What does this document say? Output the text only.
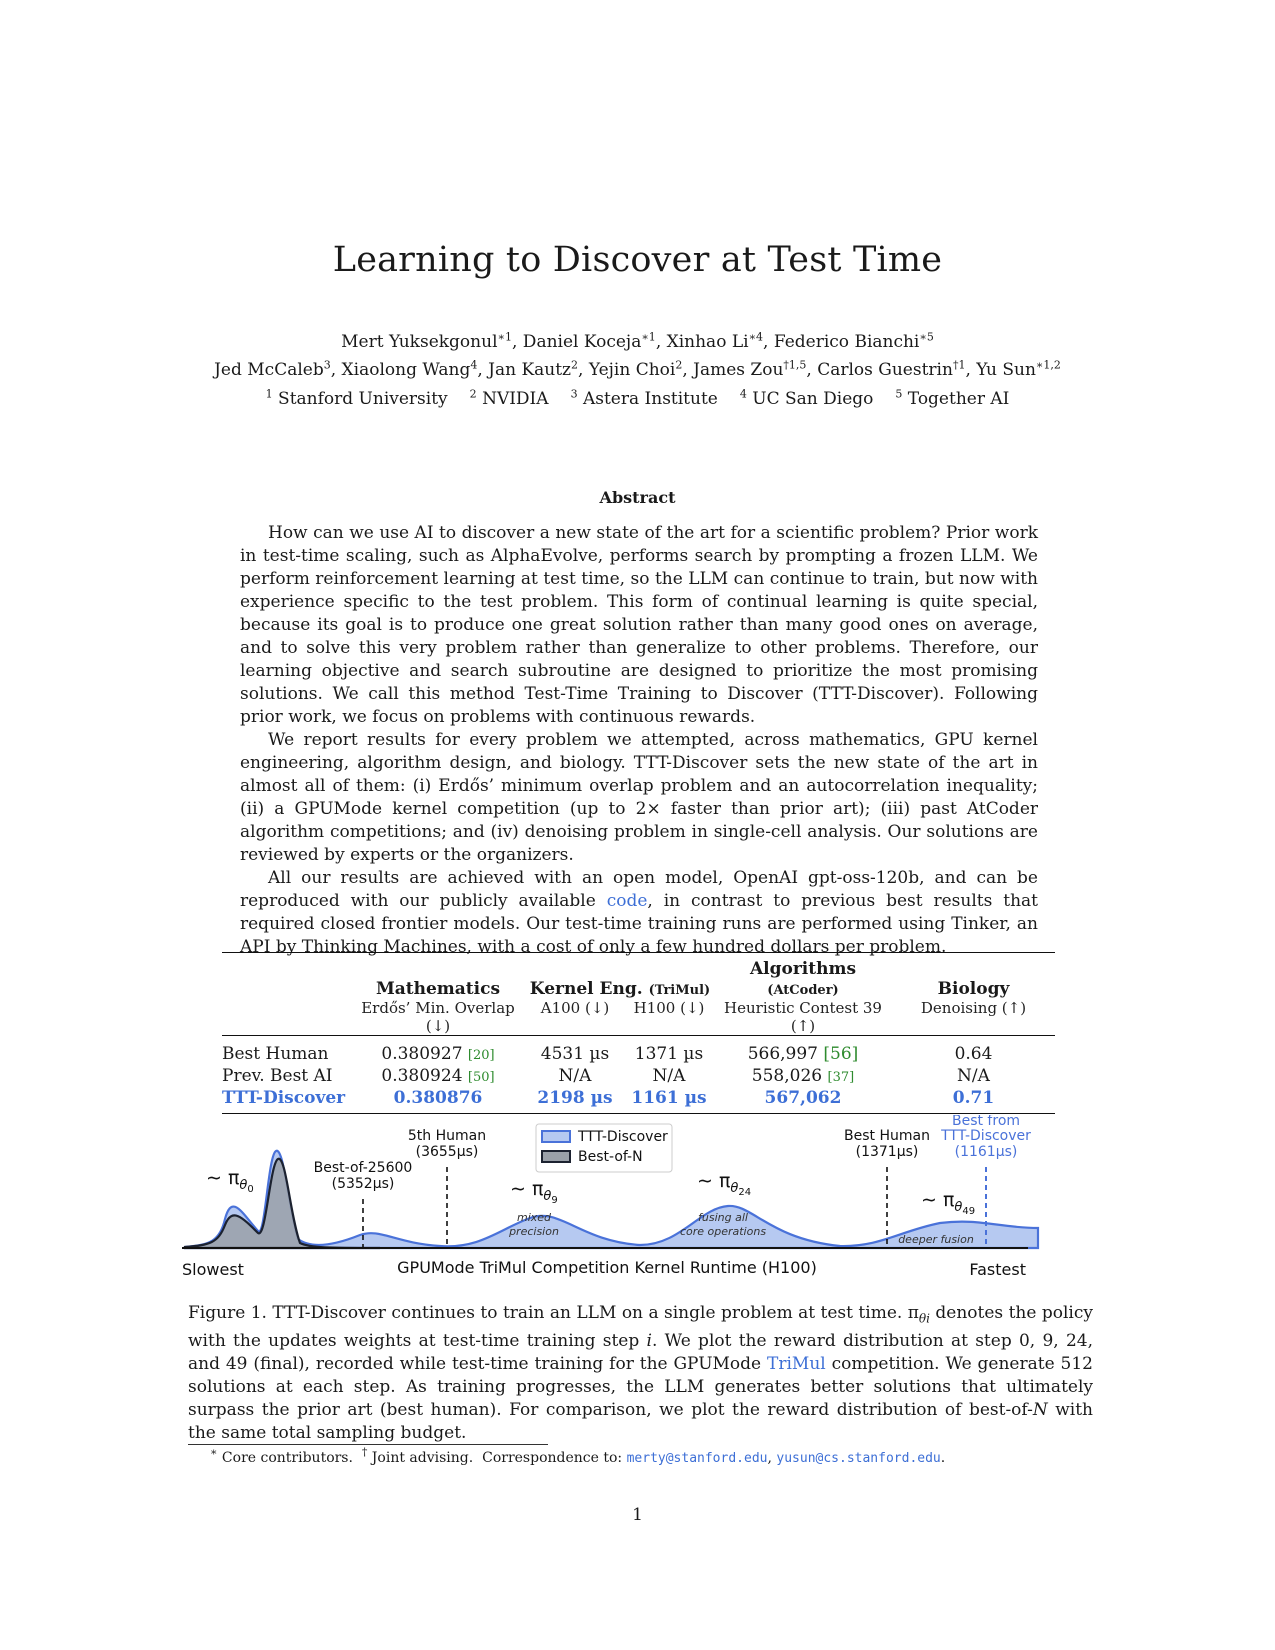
Learning to Discover at Test Time
Mert Yuksekgonul$^{∗1}$, Daniel Koceja$^{∗1}$, Xinhao $Li^{∗4}$, Federico Bianchi$^{∗5}$
Jed McCaleb$^3$, Xiaolong Wang$^4$, Jan Kautz$^2$, Yejin Choi$^2$, James Zou$^{\dagger 1,5}$, Carlos Guestrin$^{\dagger 1}$, Yu Sun$^{∗1,2}$
$^1$ Stanford University $^2$ NVIDIA $^3$ Astera Institute $^4$ UC San Diego $^5$ Together AI
Abstract

How can we use AI to discover a new state of the art for a scientific problem? Prior work in test-time scaling, such as AlphaEvolve, performs search by prompting a frozen LLM. We perform reinforcement learning at test time, so the LLM can continue to train, but now with experience specific to the test problem. This form of continual learning is quite special, because its goal is to produce one great solution rather than many good ones on average, and to solve this very problem rather than generalize to other problems. Therefore, our learning objective and search subroutine are designed to prioritize the most promising solutions. We call this method Test-Time Training to Discover (TTT-Discover). Following prior work, we focus on problems with continuous rewards.

We report results for every problem we attempted, across mathematics, GPU kernel engineering, algorithm design, and biology. TTT-Discover sets the new state of the art in almost all of them: (i) Erdős’ minimum overlap problem and an autocorrelation inequality; (ii) a GPUMode kernel competition (up to 2× faster than prior art); (iii) past AtCoder algorithm competitions; and (iv) denoising problem in single-cell analysis. Our solutions are reviewed by experts or the organizers.

All our results are achieved with an open model, OpenAI gpt-oss-120b, and can be reproduced with our publicly available code, in contrast to previous best results that required closed frontier models. Our test-time training runs are performed using Tinker, an API by Thinking Machines, with a cost of only a few hundred dollars per problem.

	Mathematics	Kernel Eng. (TriMul)		Algorithms (AtCoder)	Biology
	Erdős’ Min. Overlap (↓)	A100 (↓)	H100 (↓)	Heuristic Contest 39 (↑)	Denoising (↑)
Best Human	0.380927 [20]	4531 µs	1371 µs	566,997 [56]	0.64
Prev. Best AI	0.380924 [50]	N/A	N/A	558,026 [37]	N/A
TTT-Discover	0.380876	2198 µs	1161 µs	567,062	0.71
Best-of-25600
(5352µs)
5th Human
(3655µs)
Best Human
(1371µs)
Best from
TTT-Discover
(1161µs)
∼ $\pi_\theta 0$	∼ $\pi_\theta 9$
∼ $\pi_\theta 24$	∼ $\pi_\theta 49$
mixed
precision
fusing all
core operations
deeper fusion
TTT-Discover
Best-of-N
Slowest	Fastest
GPUMode TriMul Competition Kernel Runtime (H100)
Figure 1. TTT-Discover continues to train an LLM on a single problem at test time. $\pi_{\theta i}$ denotes the policy with the updates weights at test-time training step i. We plot the reward distribution at step 0, 9, 24, and 49 (final), recorded while test-time training for the GPUMode TriMul competition. We generate 512 solutions at each step. As training progresses, the LLM generates better solutions that ultimately surpass the prior art (best human). For comparison, we plot the reward distribution of best-of-N with the same total sampling budget.
∗ Core contributors. † Joint advising. Correspondence to: merty@stanford.edu, yusun@cs.stanford.edu.
1
